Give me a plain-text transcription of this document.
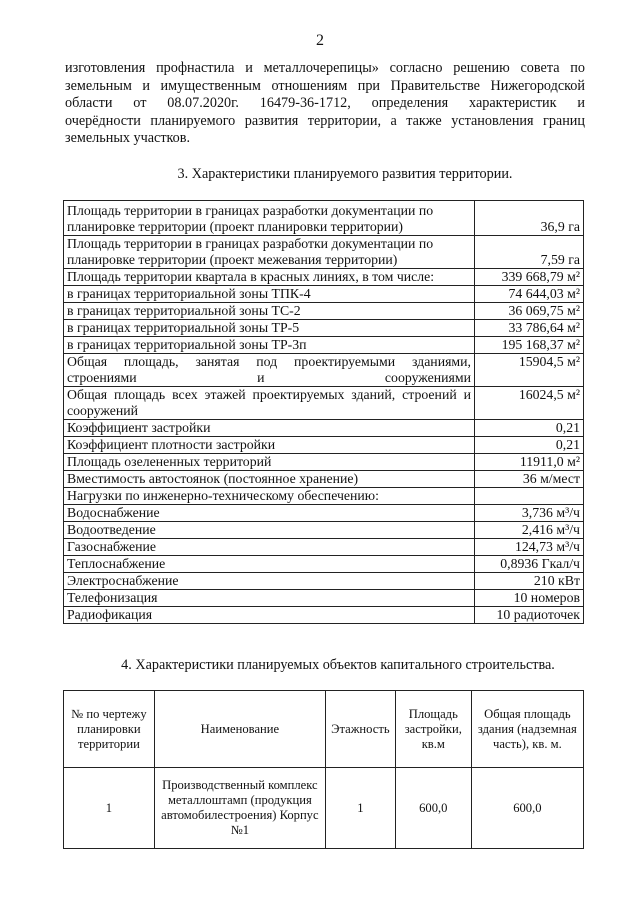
2
изготовления профнастила и металлочерепицы» согласно решению совета по
земельным и имущественным отношениям при Правительстве Нижегородской
области от 08.07.2020г. 16479-36-1712, определения характеристик и
очерёдности планируемого развития территории, а также установления границ
земельных участков.
3. Характеристики планируемого развития территории.
Площадь территории в границах разработки документации по планировке территории (проект планировки территории)	36,9 га
Площадь территории в границах разработки документации по планировке территории (проект межевания территории)	7,59 га
Площадь территории квартала в красных линиях, в том числе:	339 668,79 м²
в границах территориальной зоны ТПК-4	74 644,03 м²
в границах территориальной зоны ТС-2	36 069,75 м²
в границах территориальной зоны ТР-5	33 786,64 м²
в границах территориальной зоны ТР-3п	195 168,37 м²

Общая площадь, занятая под проектируемыми зданиями, строениями и сооружениями	15904,5 м²

Общая площадь всех этажей проектируемых зданий, строений и сооружений	16024,5 м²
Коэффициент застройки	0,21
Коэффициент плотности застройки	0,21
Площадь озелененных территорий	11911,0 м²
Вместимость автостоянок (постоянное хранение)	36 м/мест
Нагрузки по инженерно-техническому обеспечению:	
Водоснабжение	3,736 м³/ч
Водоотведение	2,416 м³/ч
Газоснабжение	124,73 м³/ч
Теплоснабжение	0,8936 Гкал/ч
Электроснабжение	210 кВт
Телефонизация	10 номеров
Радиофикация	10 радиоточек
4. Характеристики планируемых объектов капитального строительства.
№ по чертежу планировки территории	Наименование	Этажность	Площадь застройки, кв.м	Общая площадь здания (надземная часть), кв. м.
1	Производственный комплекс металлоштамп (продукция автомобилестроения) Корпус №1	1	600,0	600,0
